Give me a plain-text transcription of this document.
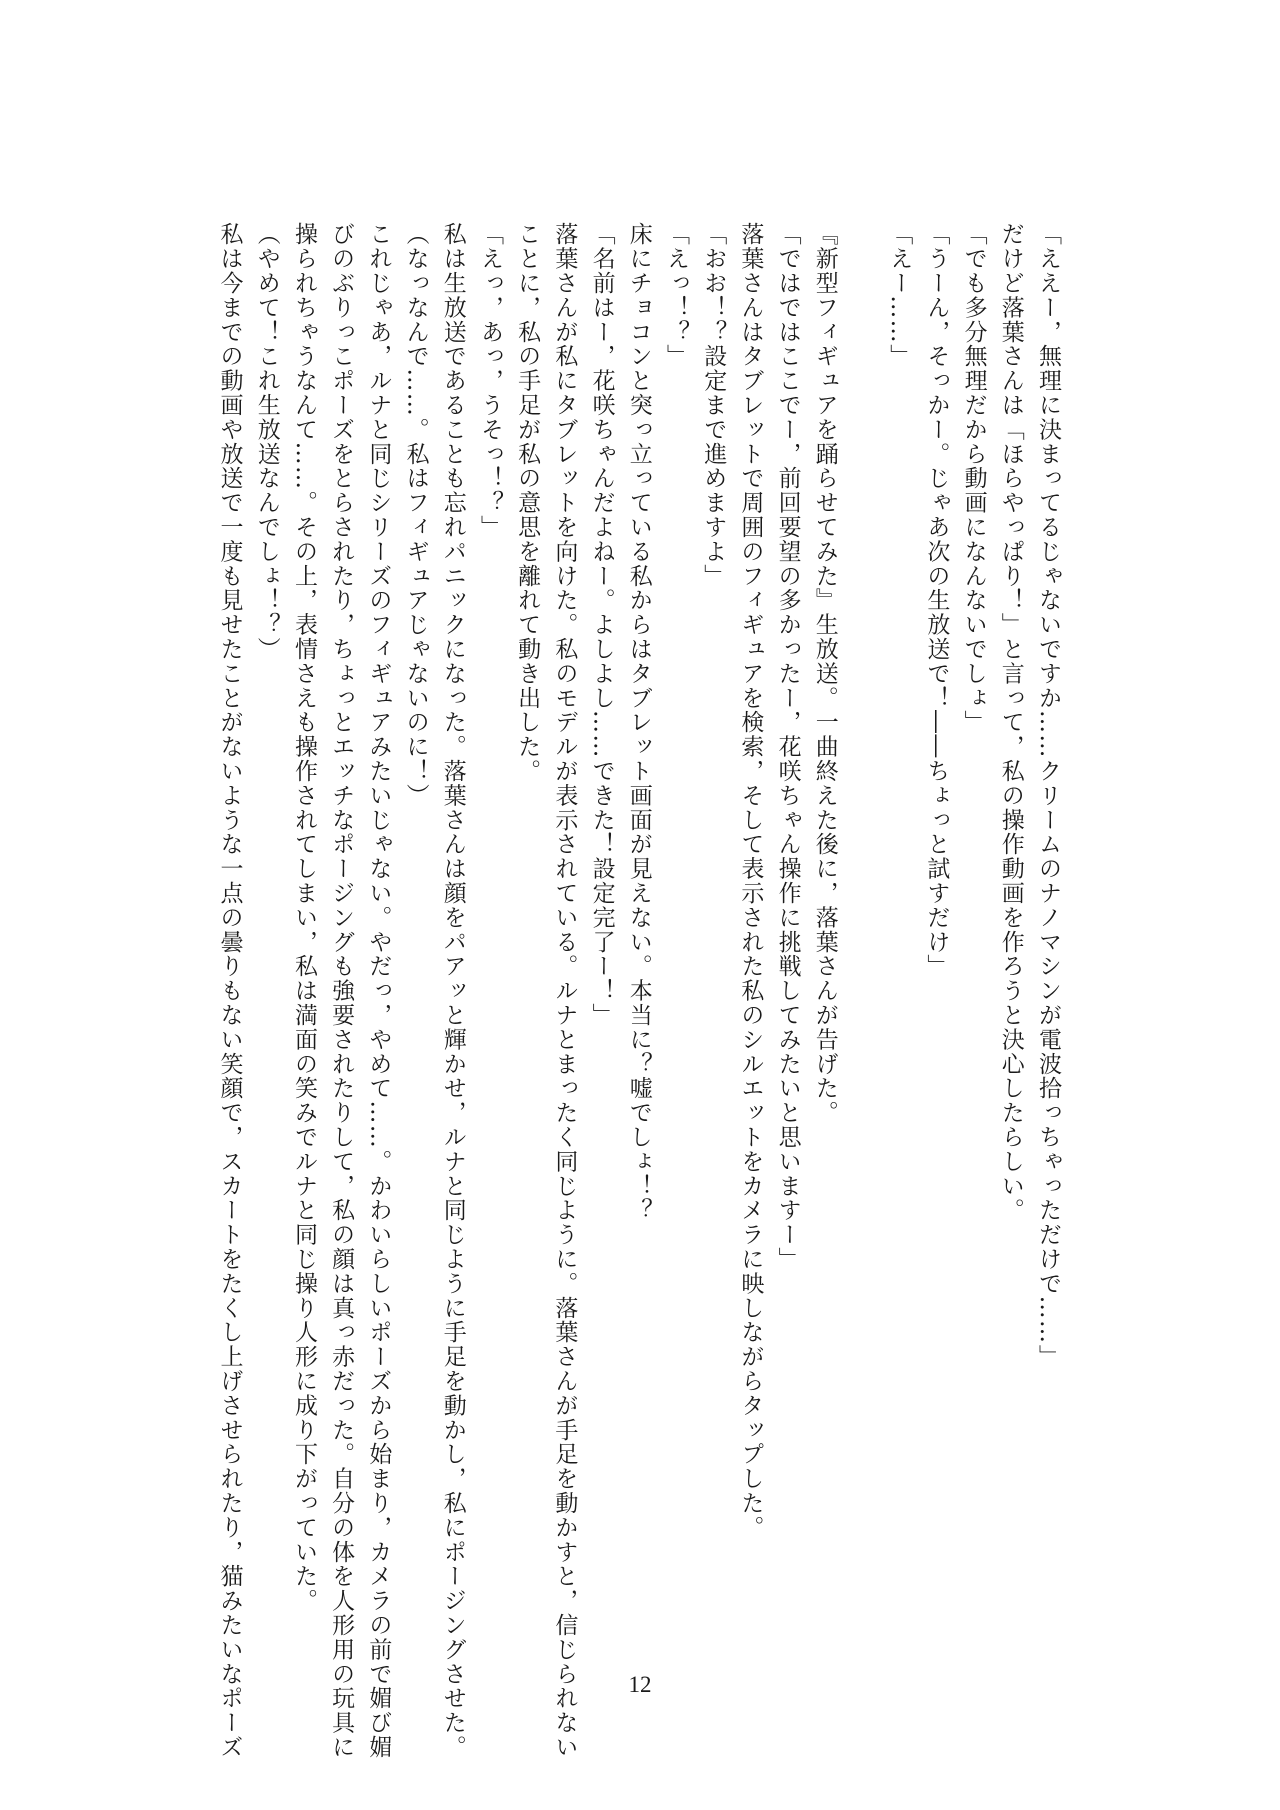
「ええー，無理に決まってるじゃないですか……クリームのナノマシンが電波拾っちゃっただけで……」
だけど落葉さんは「ほらやっぱり！」と言って，私の操作動画を作ろうと決心したらしい。
「でも多分無理だから動画になんないでしょ」
「うーん，そっかー。じゃあ次の生放送で！――ちょっと試すだけ」
「えー……」
『新型フィギュアを踊らせてみた』生放送。一曲終えた後に，落葉さんが告げた。
「ではではここでー，前回要望の多かったー，花咲ちゃん操作に挑戦してみたいと思いますー」
落葉さんはタブレットで周囲のフィギュアを検索，そして表示された私のシルエットをカメラに映しながらタップした。
「おお！？設定まで進めますよ」
「えっ！？」
床にチョコンと突っ立っている私からはタブレット画面が見えない。本当に？嘘でしょ！？
「名前はー，花咲ちゃんだよねー。よしよし……できた！設定完了ー！」
落葉さんが私にタブレットを向けた。私のモデルが表示されている。ルナとまったく同じように。落葉さんが手足を動かすと，信じられない
ことに，私の手足が私の意思を離れて動き出した。
「えっ，あっ，うそっ！？」
私は生放送であることも忘れパニックになった。落葉さんは顔をパアッと輝かせ，ルナと同じように手足を動かし，私にポージングさせた。
（なっなんで……。私はフィギュアじゃないのに！）
これじゃあ，ルナと同じシリーズのフィギュアみたいじゃない。やだっ，やめて……。かわいらしいポーズから始まり，カメラの前で媚び媚
びのぶりっこポーズをとらされたり，ちょっとエッチなポージングも強要されたりして，私の顔は真っ赤だった。自分の体を人形用の玩具に
操られちゃうなんて……。その上，表情さえも操作されてしまい，私は満面の笑みでルナと同じ操り人形に成り下がっていた。
（やめて！これ生放送なんでしょ！？）
私は今までの動画や放送で一度も見せたことがないような一点の曇りもない笑顔で，スカートをたくし上げさせられたり，猫みたいなポーズ	12
